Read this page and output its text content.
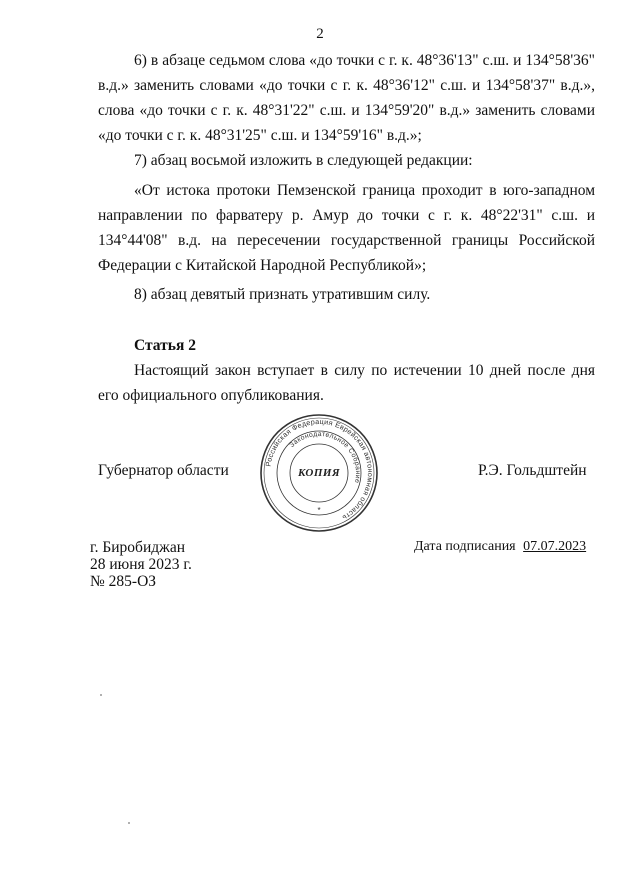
2
6) в абзаце седьмом слова «до точки с г. к. 48°36'13" с.ш. и 134°58'36" в.д.» заменить словами «до точки с г. к. 48°36'12" с.ш. и 134°58'37" в.д.», слова «до точки с г. к. 48°31'22" с.ш. и 134°59'20" в.д.» заменить словами «до точки с г. к. 48°31'25" с.ш. и 134°59'16" в.д.»;
7) абзац восьмой изложить в следующей редакции:
«От истока протоки Пемзенской граница проходит в юго-западном направлении по фарватеру р. Амур до точки с г. к. 48°22'31" с.ш. и 134°44'08" в.д. на пересечении государственной границы Российской Федерации с Китайской Народной Республикой»;
8) абзац девятый признать утратившим силу.
Статья 2
Настоящий закон вступает в силу по истечении 10 дней после дня его официального опубликования.
Губернатор области	Р.Э. Гольдштейн
Российская Федерация Еврейская автономная область
Законодательное Собрание
КОПИЯ
*
г. Биробиджан
28 июня 2023 г.
№ 285-ОЗ
Дата подписания 07.07.2023
